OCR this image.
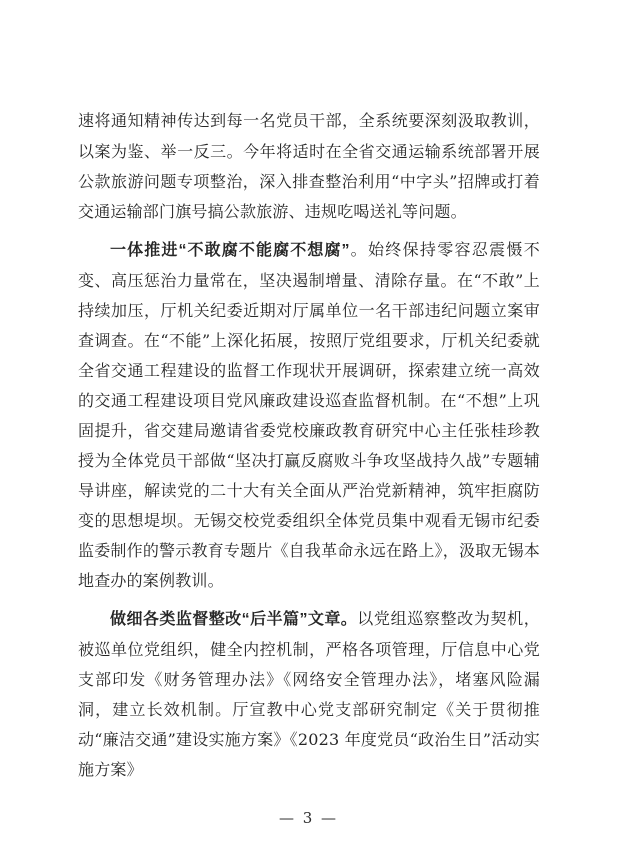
速将通知精神传达到每一名党员干部，全系统要深刻汲取教训，以案为鉴、举一反三。今年将适时在全省交通运输系统部署开展公款旅游问题专项整治，深入排查整治利用“中字头”招牌或打着交通运输部门旗号搞公款旅游、违规吃喝送礼等问题。

一体推进“不敢腐不能腐不想腐”。始终保持零容忍震慑不变、高压惩治力量常在，坚决遏制增量、清除存量。在“不敢”上持续加压，厅机关纪委近期对厅属单位一名干部违纪问题立案审查调查。在“不能”上深化拓展，按照厅党组要求，厅机关纪委就全省交通工程建设的监督工作现状开展调研，探索建立统一高效的交通工程建设项目党风廉政建设巡查监督机制。在“不想”上巩固提升，省交建局邀请省委党校廉政教育研究中心主任张桂珍教授为全体党员干部做“坚决打赢反腐败斗争攻坚战持久战”专题辅导讲座，解读党的二十大有关全面从严治党新精神，筑牢拒腐防变的思想堤坝。无锡交校党委组织全体党员集中观看无锡市纪委监委制作的警示教育专题片《自我革命永远在路上》，汲取无锡本地查办的案例教训。

做细各类监督整改“后半篇”文章。以党组巡察整改为契机，被巡单位党组织，健全内控机制，严格各项管理，厅信息中心党支部印发《财务管理办法》《网络安全管理办法》，堵塞风险漏洞，建立长效机制。厅宣教中心党支部研究制定《关于贯彻推动“廉洁交通”建设实施方案》《2023 年度党员“政治生日”活动实施方案》

— 3 —
